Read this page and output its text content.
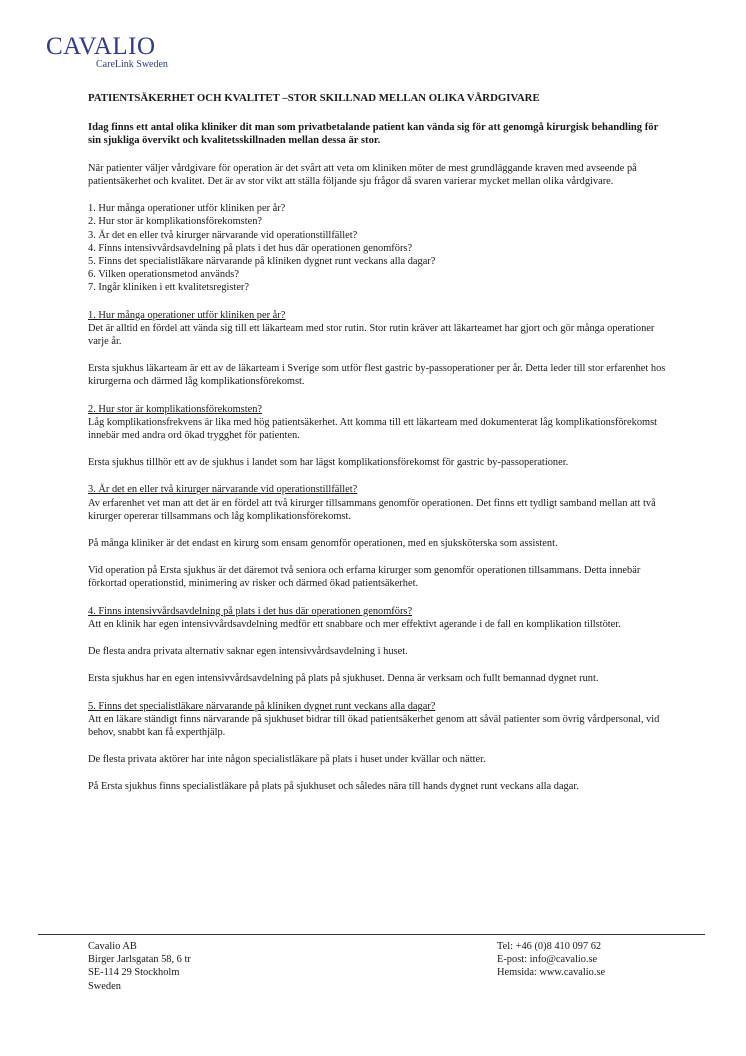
CAVALIO
CareLink Sweden
PATIENTSÄKERHET OCH KVALITET –STOR SKILLNAD MELLAN OLIKA VÅRDGIVARE

Idag finns ett antal olika kliniker dit man som privatbetalande patient kan vända sig för att genomgå kirurgisk behandling för sin sjukliga övervikt och kvalitetsskillnaden mellan dessa är stor.

När patienter väljer vårdgivare för operation är det svårt att veta om kliniken möter de mest grundläggande kraven med avseende på patientsäkerhet och kvalitet. Det är av stor vikt att ställa följande sju frågor då svaren varierar mycket mellan olika vårdgivare.

1. Hur många operationer utför kliniken per år?
2. Hur stor är komplikationsförekomsten?
3. Är det en eller två kirurger närvarande vid operationstillfället?
4. Finns intensivvårdsavdelning på plats i det hus där operationen genomförs?
5. Finns det specialistläkare närvarande på kliniken dygnet runt veckans alla dagar?
6. Vilken operationsmetod används?
7. Ingår kliniken i ett kvalitetsregister?
1. Hur många operationer utför kliniken per år?

Det är alltid en fördel att vända sig till ett läkarteam med stor rutin. Stor rutin kräver att läkarteamet har gjort och gör många operationer varje år.

Ersta sjukhus läkarteam är ett av de läkarteam i Sverige som utför flest gastric by-passoperationer per år. Detta leder till stor erfarenhet hos kirurgerna och därmed låg komplikationsförekomst.

2. Hur stor är komplikationsförekomsten?

Låg komplikationsfrekvens är lika med hög patientsäkerhet. Att komma till ett läkarteam med dokumenterat låg komplikationsförekomst innebär med andra ord ökad trygghet för patienten.

Ersta sjukhus tillhör ett av de sjukhus i landet som har lägst komplikationsförekomst för gastric by-passoperationer.

3. Är det en eller två kirurger närvarande vid operationstillfället?

Av erfarenhet vet man att det är en fördel att två kirurger tillsammans genomför operationen. Det finns ett tydligt samband mellan att två kirurger opererar tillsammans och låg komplikationsförekomst.

På många kliniker är det endast en kirurg som ensam genomför operationen, med en sjuksköterska som assistent.

Vid operation på Ersta sjukhus är det däremot två seniora och erfarna kirurger som genomför operationen tillsammans. Detta innebär förkortad operationstid, minimering av risker och därmed ökad patientsäkerhet.

4. Finns intensivvårdsavdelning på plats i det hus där operationen genomförs?

Att en klinik har egen intensivvårdsavdelning medför ett snabbare och mer effektivt agerande i de fall en komplikation tillstöter.

De flesta andra privata alternativ saknar egen intensivvårdsavdelning i huset.

Ersta sjukhus har en egen intensivvårdsavdelning på plats på sjukhuset. Denna är verksam och fullt bemannad dygnet runt.

5. Finns det specialistläkare närvarande på kliniken dygnet runt veckans alla dagar?

Att en läkare ständigt finns närvarande på sjukhuset bidrar till ökad patientsäkerhet genom att såväl patienter som övrig vårdpersonal, vid behov, snabbt kan få experthjälp.

De flesta privata aktörer har inte någon specialistläkare på plats i huset under kvällar och nätter.

På Ersta sjukhus finns specialistläkare på plats på sjukhuset och således nära till hands dygnet runt veckans alla dagar.

Cavalio AB
Birger Jarlsgatan 58, 6 tr
SE-114 29 Stockholm
Sweden
Tel: +46 (0)8 410 097 62
E-post: info@cavalio.se
Hemsida: www.cavalio.se
